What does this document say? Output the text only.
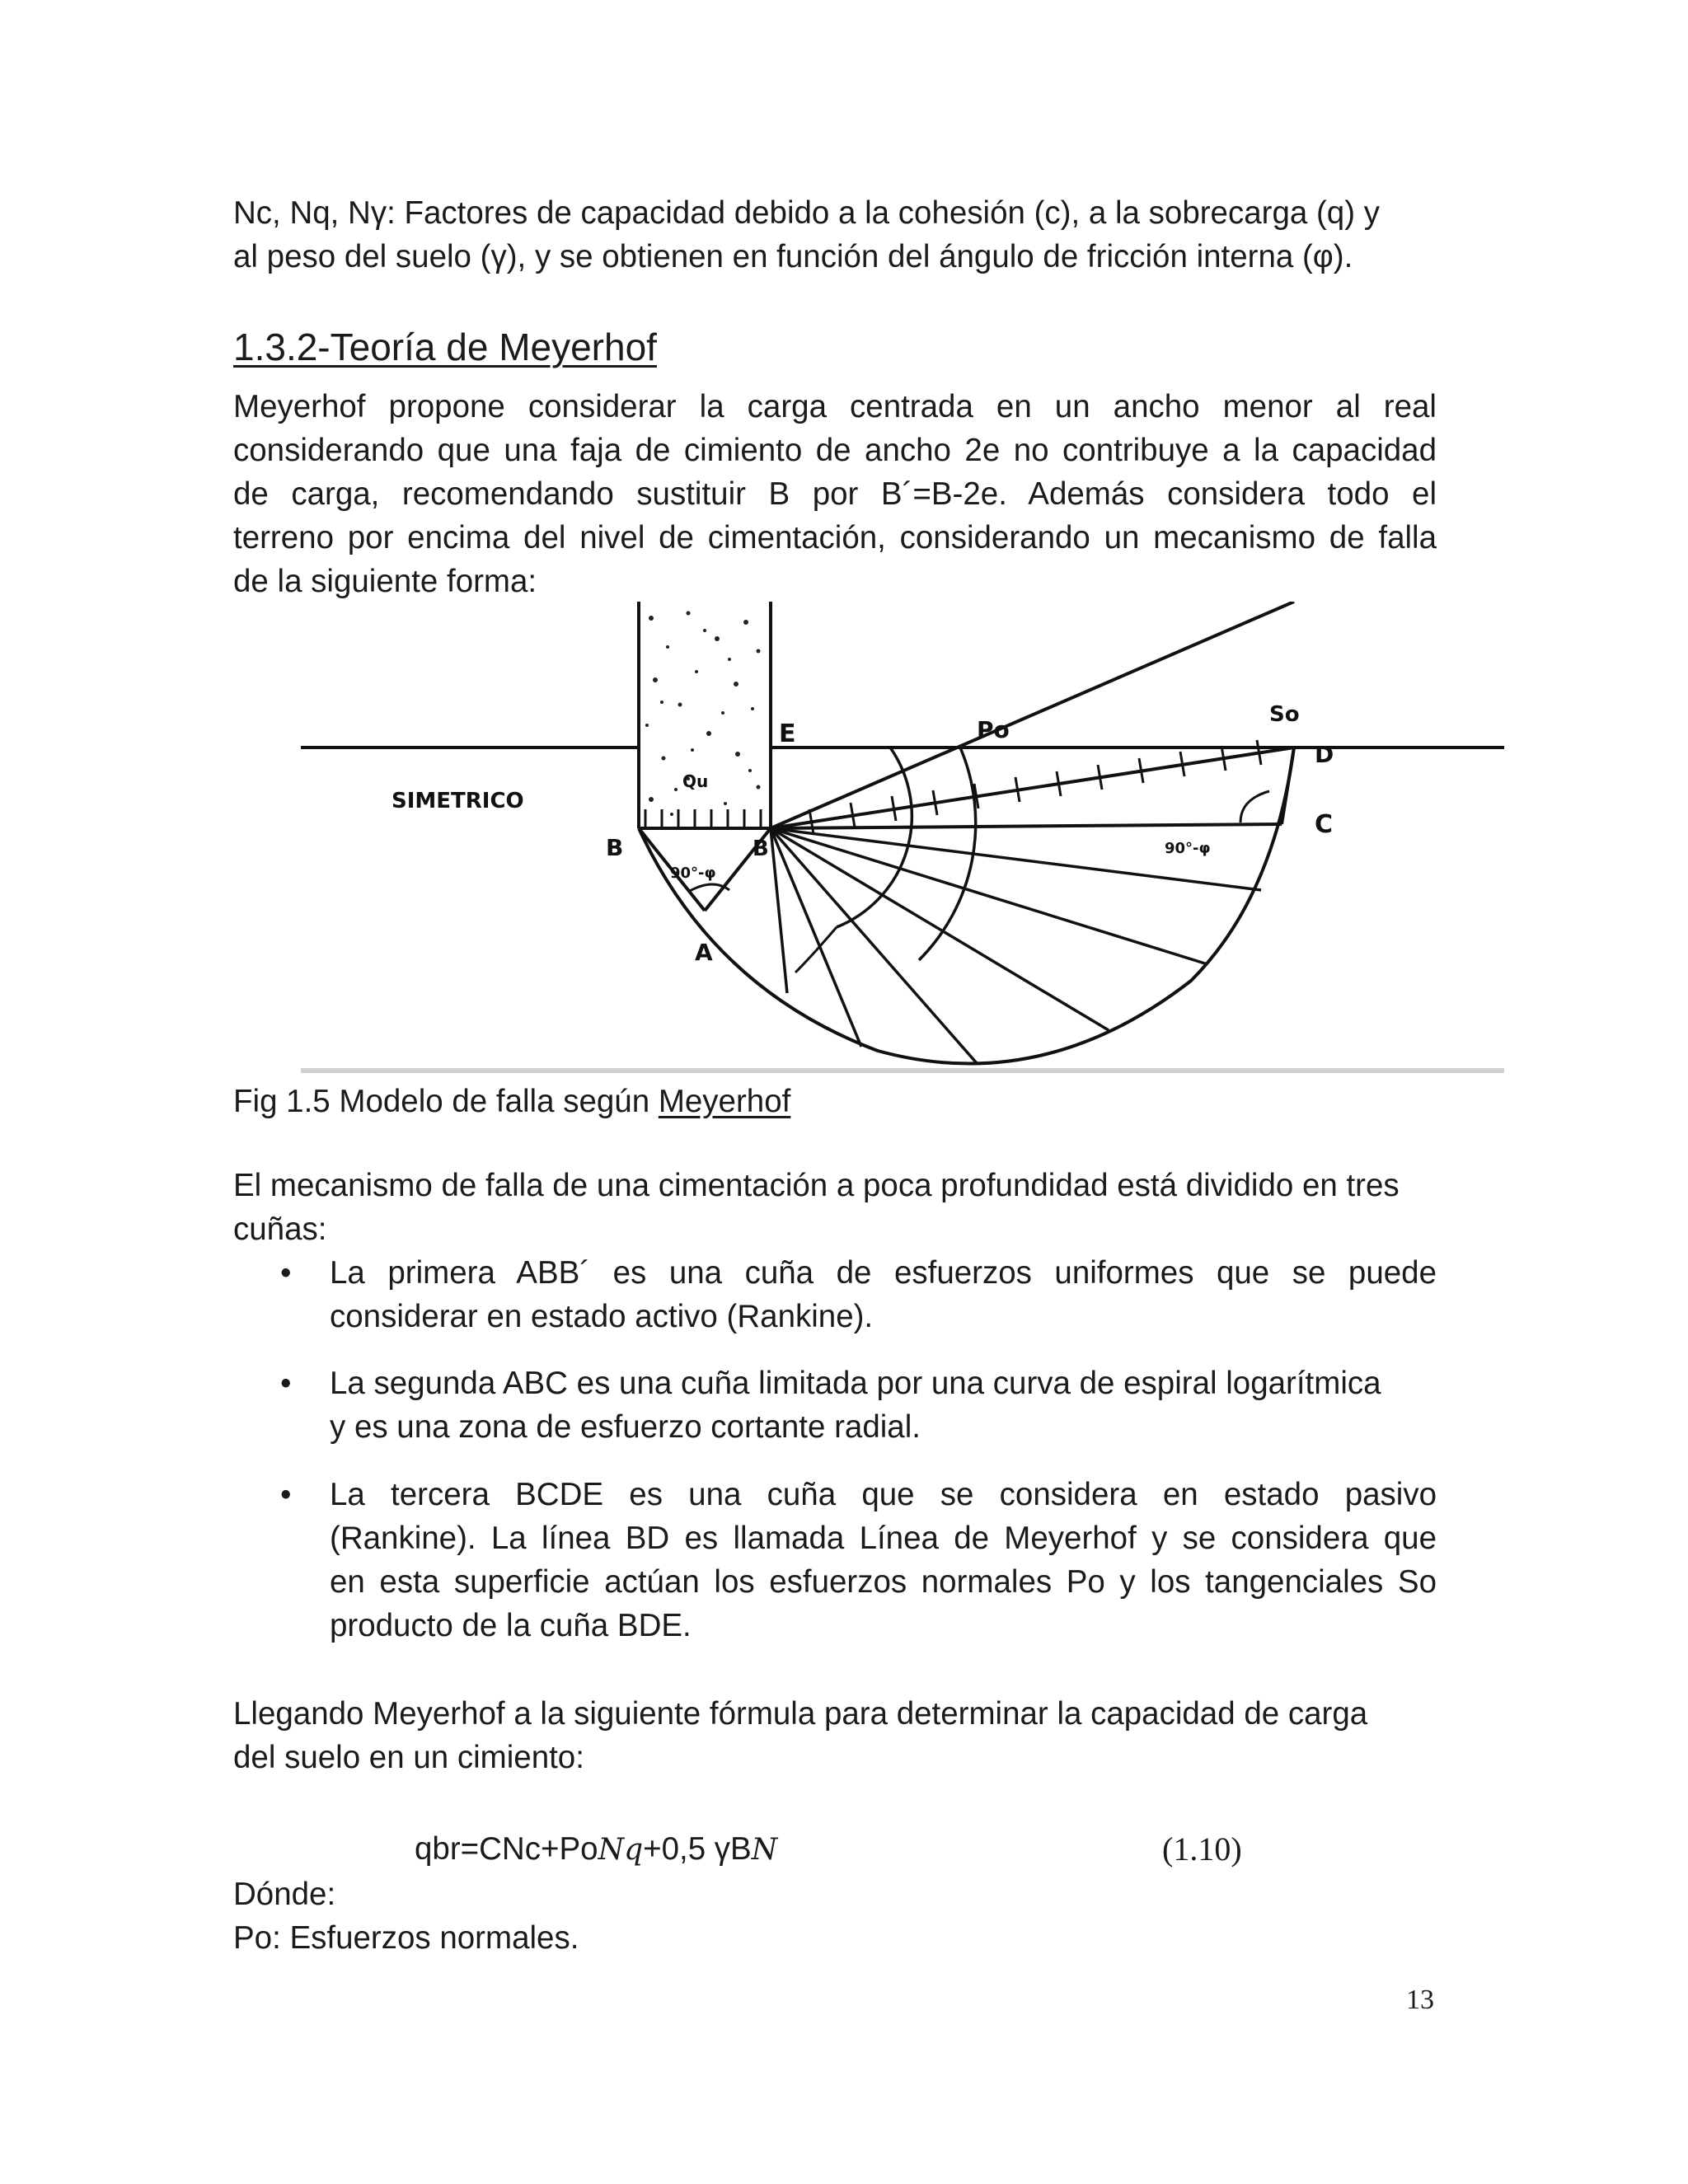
Nc, Nq, Nγ: Factores de capacidad debido a la cohesión (c), a la sobrecarga (q) y
al peso del suelo (γ), y se obtienen en función del ángulo de fricción interna (φ).

1.3.2-Teoría de Meyerhof

Meyerhof propone considerar la carga centrada en un ancho menor al real
considerando que una faja de cimiento de ancho 2e no contribuye a la capacidad
de carga, recomendando sustituir B por B´=B-2e. Además considera todo el
terreno por encima del nivel de cimentación, considerando un mecanismo de falla
de la siguiente forma:

SIMETRICO
B	B'
E	Po
So
D
C
A
Qu
90°-φ
90°-φ
Fig 1.5 Modelo de falla según Meyerhof

El mecanismo de falla de una cimentación a poca profundidad está dividido en tres
cuñas:

• La primera ABB´ es una cuña de esfuerzos uniformes que se puede
considerar en estado activo (Rankine).
• La segunda ABC es una cuña limitada por una curva de espiral logarítmica
y es una zona de esfuerzo cortante radial.
• La tercera BCDE es una cuña que se considera en estado pasivo
(Rankine). La línea BD es llamada Línea de Meyerhof y se considera que
en esta superficie actúan los esfuerzos normales Po y los tangenciales So
producto de la cuña BDE.

Llegando Meyerhof a la siguiente fórmula para determinar la capacidad de carga
del suelo en un cimiento:

qbr=CNc+PoNq+0,5 γBN	(1.10)

Dónde:
Po: Esfuerzos normales.

13
